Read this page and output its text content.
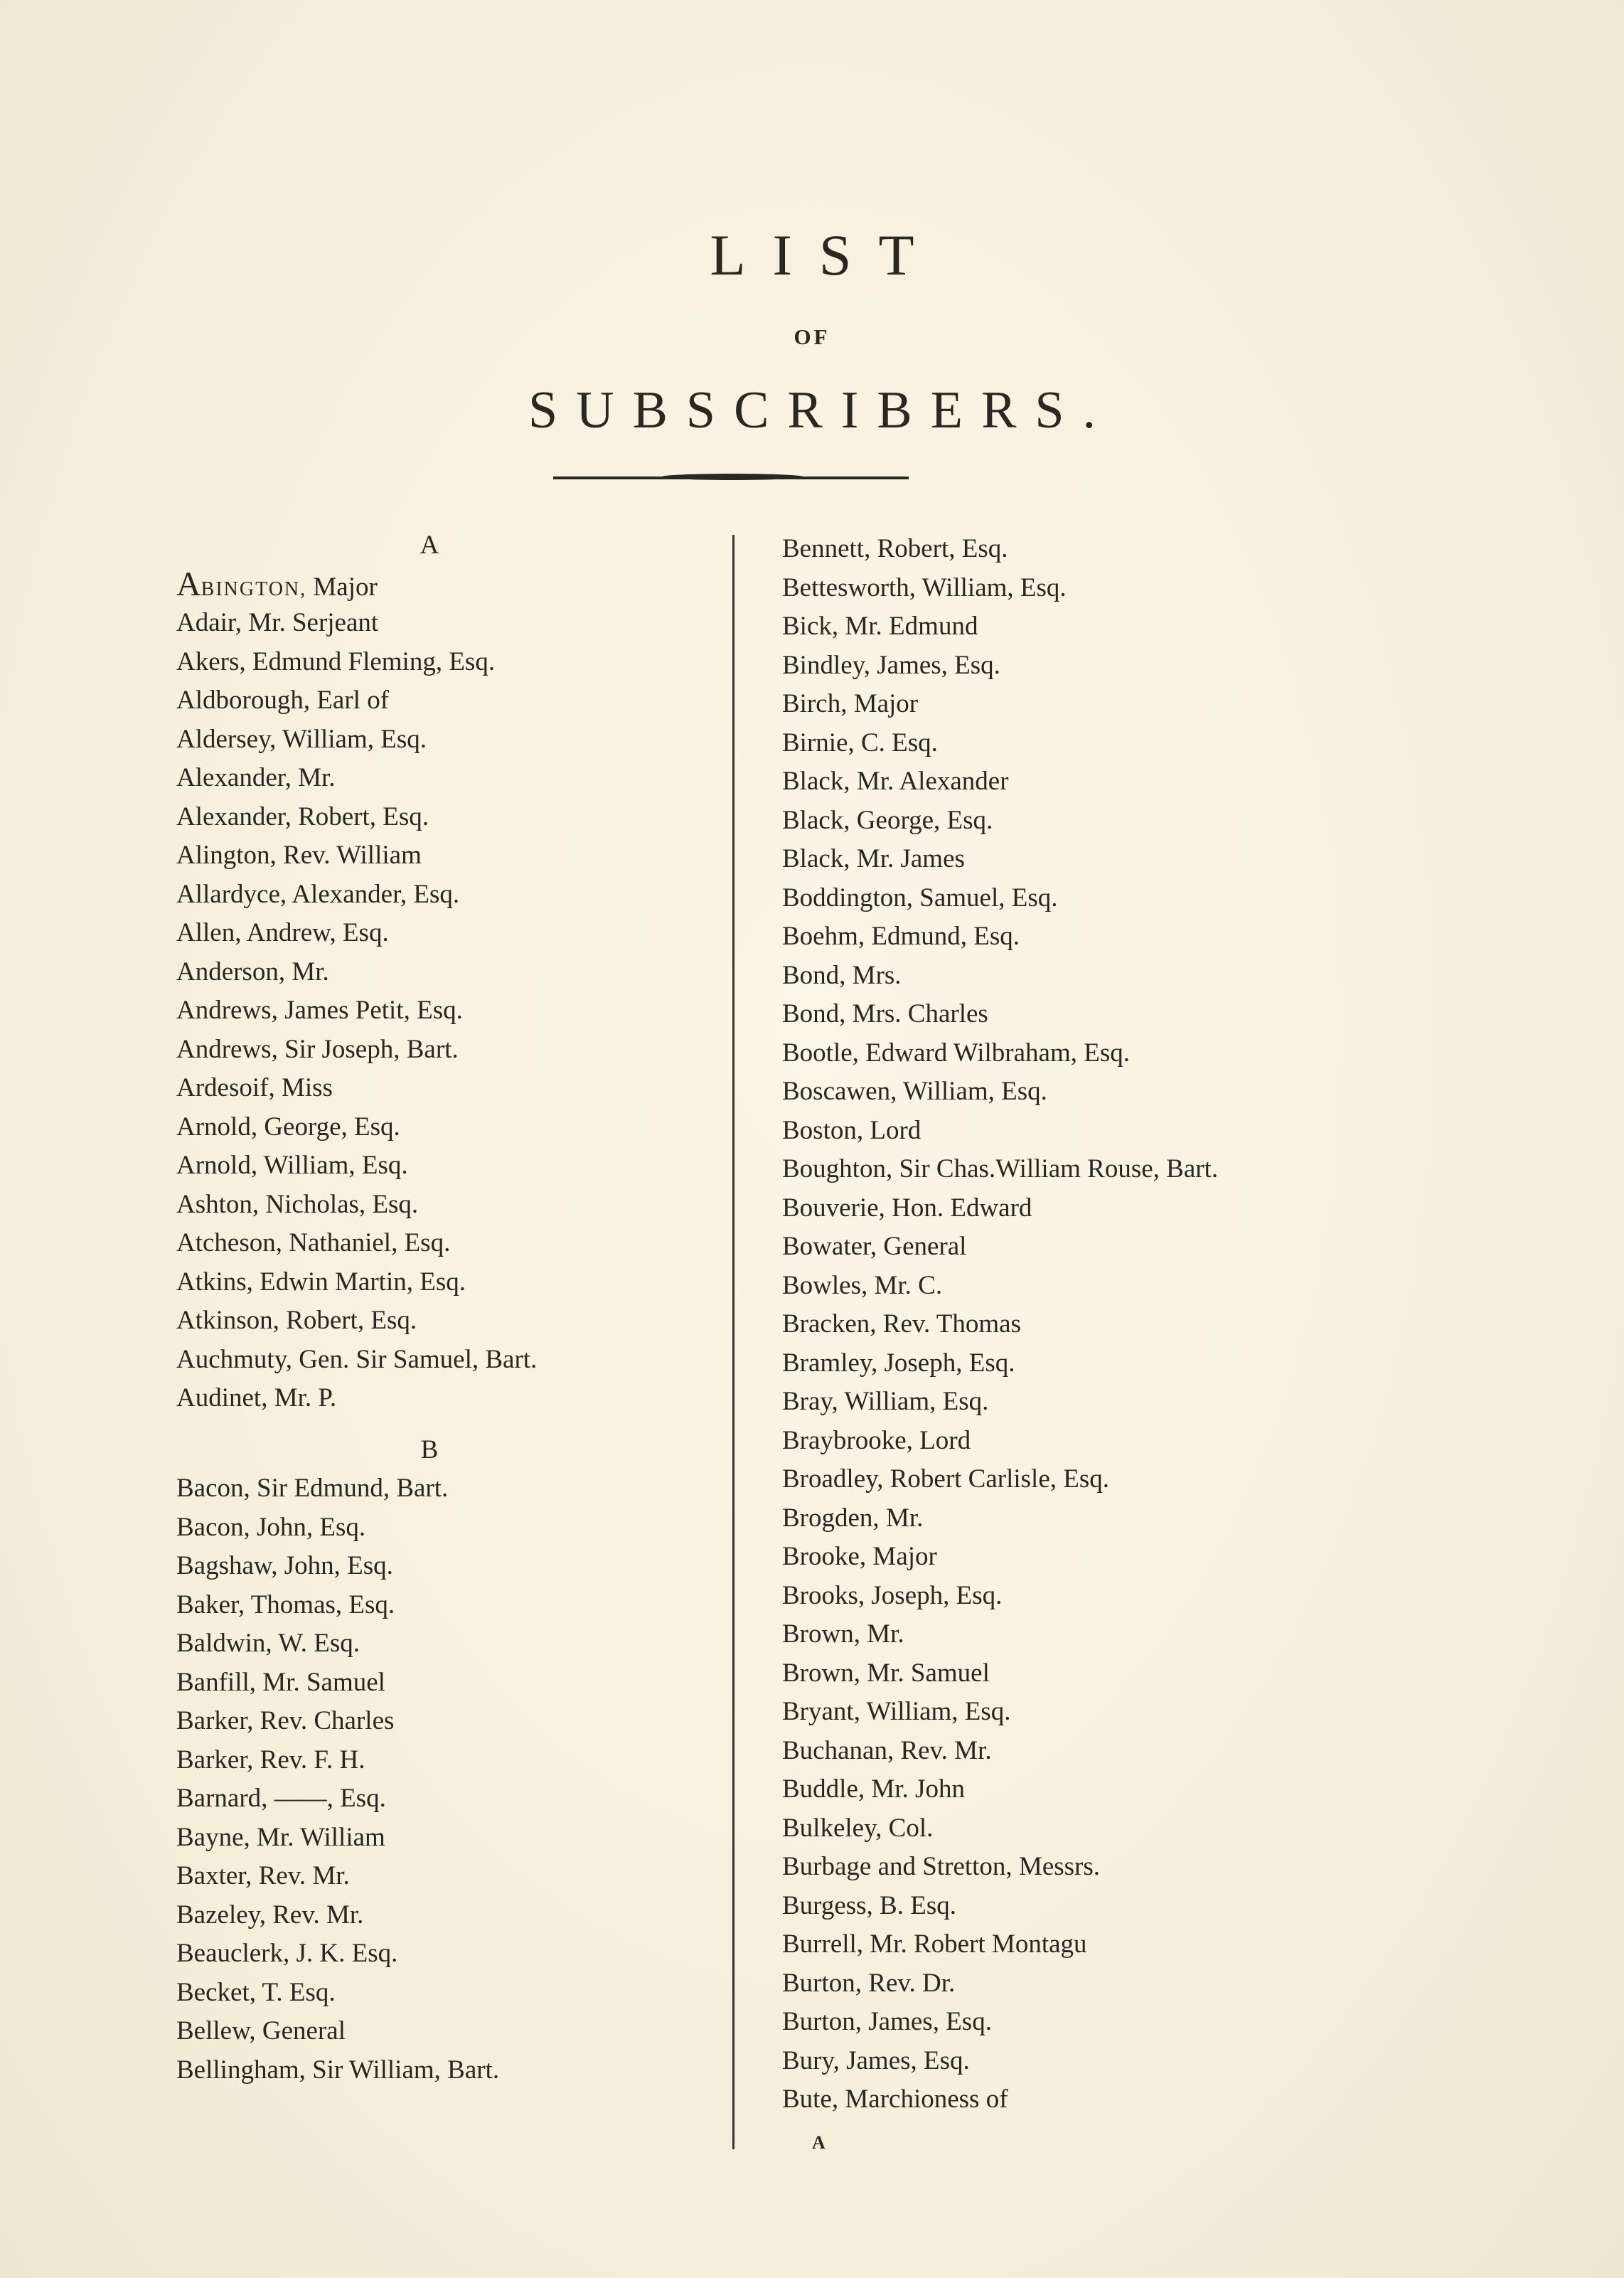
LIST
OF
SUBSCRIBERS.
A
ABINGTON, Major
Adair, Mr. Serjeant
Akers, Edmund Fleming, Esq.
Aldborough, Earl of
Aldersey, William, Esq.
Alexander, Mr.
Alexander, Robert, Esq.
Alington, Rev. William
Allardyce, Alexander, Esq.
Allen, Andrew, Esq.
Anderson, Mr.
Andrews, James Petit, Esq.
Andrews, Sir Joseph, Bart.
Ardesoif, Miss
Arnold, George, Esq.
Arnold, William, Esq.
Ashton, Nicholas, Esq.
Atcheson, Nathaniel, Esq.
Atkins, Edwin Martin, Esq.
Atkinson, Robert, Esq.
Auchmuty, Gen. Sir Samuel, Bart.
Audinet, Mr. P.
B
Bacon, Sir Edmund, Bart.
Bacon, John, Esq.
Bagshaw, John, Esq.
Baker, Thomas, Esq.
Baldwin, W. Esq.
Banfill, Mr. Samuel
Barker, Rev. Charles
Barker, Rev. F. H.
Barnard, ——, Esq.
Bayne, Mr. William
Baxter, Rev. Mr.
Bazeley, Rev. Mr.
Beauclerk, J. K. Esq.
Becket, T. Esq.
Bellew, General
Bellingham, Sir William, Bart.
Bennett, Robert, Esq.
Bettesworth, William, Esq.
Bick, Mr. Edmund
Bindley, James, Esq.
Birch, Major
Birnie, C. Esq.
Black, Mr. Alexander
Black, George, Esq.
Black, Mr. James
Boddington, Samuel, Esq.
Boehm, Edmund, Esq.
Bond, Mrs.
Bond, Mrs. Charles
Bootle, Edward Wilbraham, Esq.
Boscawen, William, Esq.
Boston, Lord
Boughton, Sir Chas.William Rouse, Bart.
Bouverie, Hon. Edward
Bowater, General
Bowles, Mr. C.
Bracken, Rev. Thomas
Bramley, Joseph, Esq.
Bray, William, Esq.
Braybrooke, Lord
Broadley, Robert Carlisle, Esq.
Brogden, Mr.
Brooke, Major
Brooks, Joseph, Esq.
Brown, Mr.
Brown, Mr. Samuel
Bryant, William, Esq.
Buchanan, Rev. Mr.
Buddle, Mr. John
Bulkeley, Col.
Burbage and Stretton, Messrs.
Burgess, B. Esq.
Burrell, Mr. Robert Montagu
Burton, Rev. Dr.
Burton, James, Esq.
Bury, James, Esq.
Bute, Marchioness of
A
